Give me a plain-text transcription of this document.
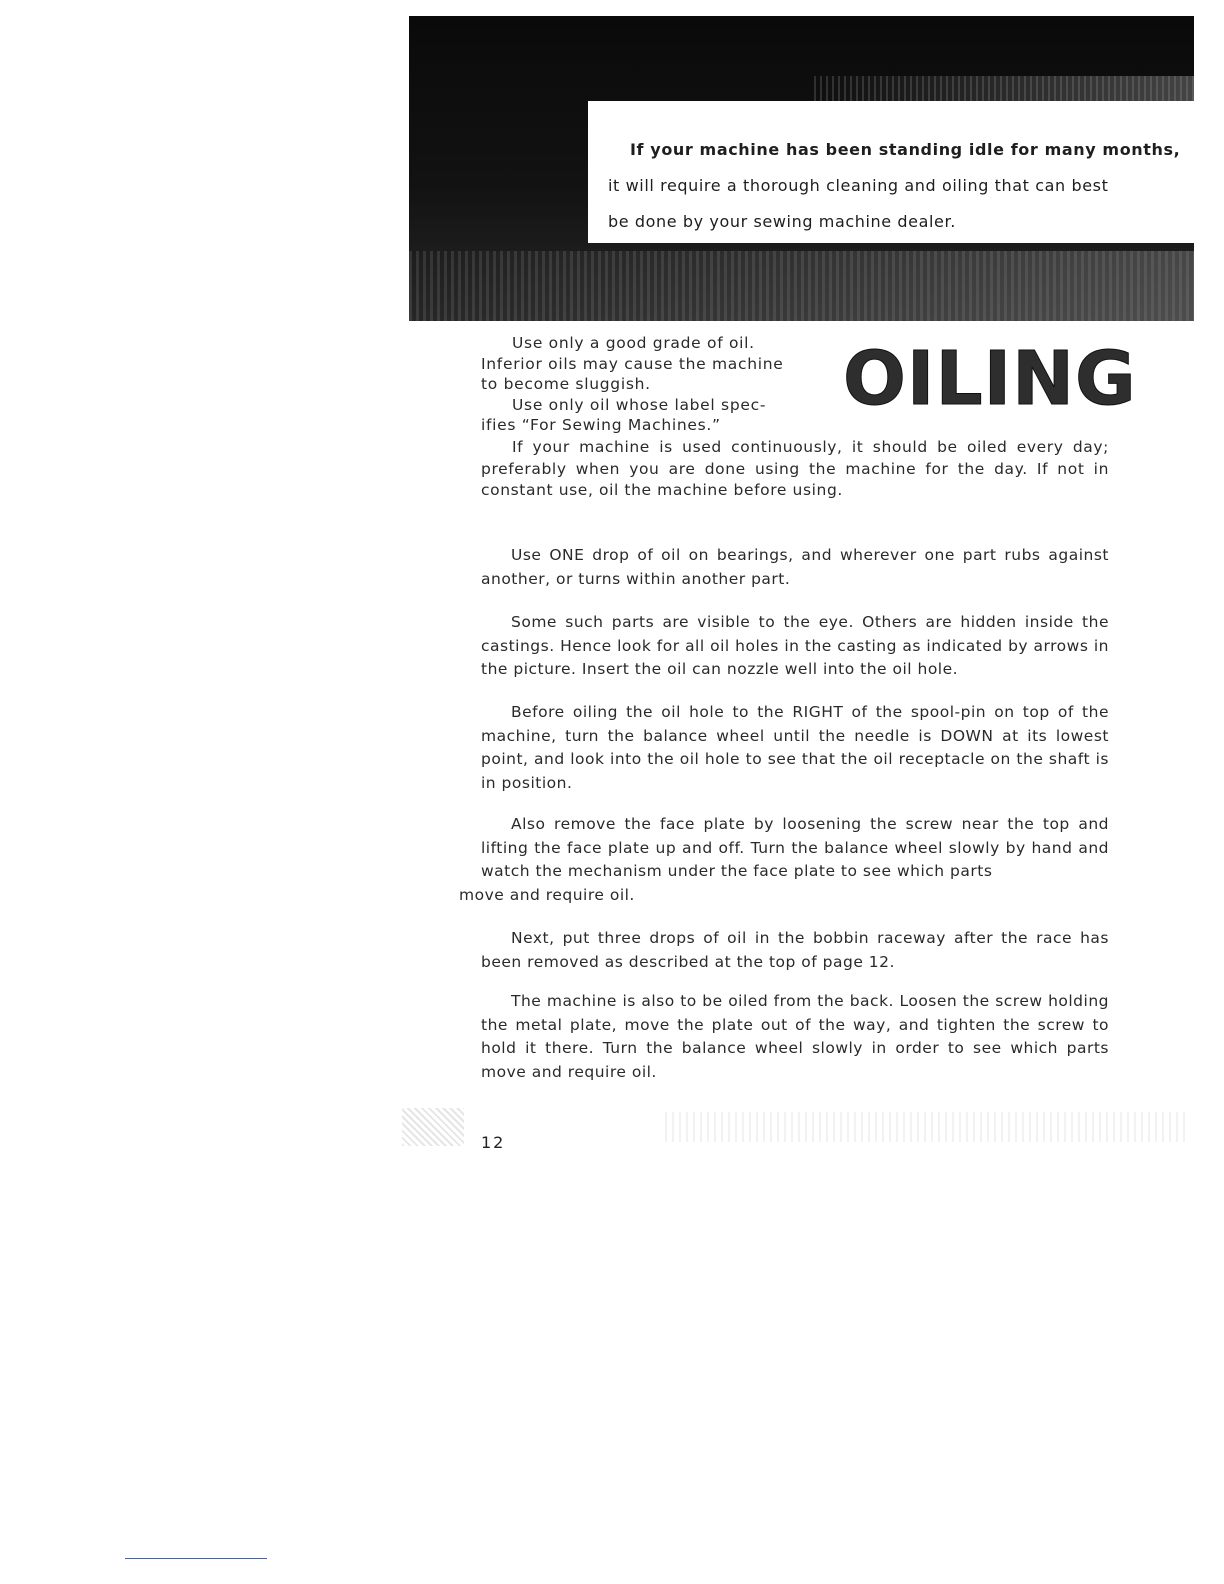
If your machine has been standing idle for many months,

it will require a thorough cleaning and oiling that can best

be done by your sewing machine dealer.

OILING

Use only a good grade of oil.

Inferior oils may cause the machine

to become sluggish.

Use only oil whose label spec-

ifies “For Sewing Machines.”

If your machine is used continuously, it should be oiled every day; preferably when you are done using the machine for the day. If not in constant use, oil the machine before using.

Use ONE drop of oil on bearings, and wherever one part rubs against another, or turns within another part.

Some such parts are visible to the eye. Others are hidden inside the castings. Hence look for all oil holes in the casting as indicated by arrows in the picture. Insert the oil can nozzle well into the oil hole.

Before oiling the oil hole to the RIGHT of the spool-pin on top of the machine, turn the balance wheel until the needle is DOWN at its lowest point, and look into the oil hole to see that the oil receptacle on the shaft is in position.

Also remove the face plate by loosening the screw near the top and lifting the face plate up and off. Turn the balance wheel slowly by hand and watch the mechanism under the face plate to see which parts

move and require oil.

Next, put three drops of oil in the bobbin raceway after the race has been removed as described at the top of page 12.

The machine is also to be oiled from the back. Loosen the screw holding the metal plate, move the plate out of the way, and tighten the screw to hold it there. Turn the balance wheel slowly in order to see which parts move and require oil.

12
